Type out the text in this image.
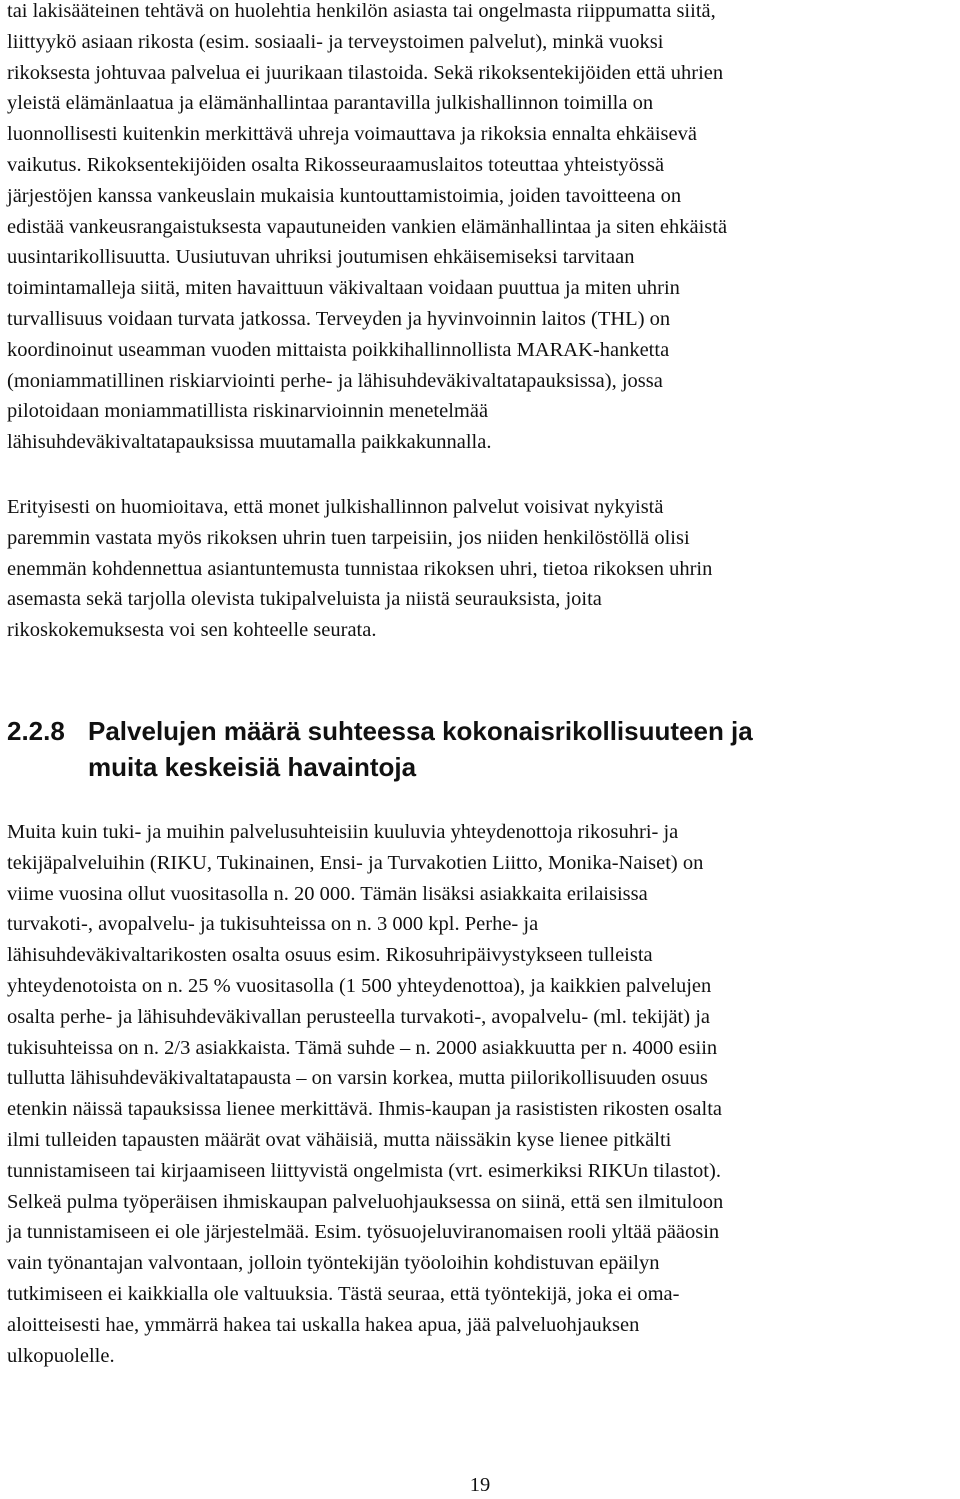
tai lakisääteinen tehtävä on huolehtia henkilön asiasta tai ongelmasta riippumatta siitä,
liittyykö asiaan rikosta (esim. sosiaali- ja terveystoimen palvelut), minkä vuoksi
rikoksesta johtuvaa palvelua ei juurikaan tilastoida. Sekä rikoksentekijöiden että uhrien
yleistä elämänlaatua ja elämänhallintaa parantavilla julkishallinnon toimilla on
luonnollisesti kuitenkin merkittävä uhreja voimauttava ja rikoksia ennalta ehkäisevä
vaikutus. Rikoksentekijöiden osalta Rikosseuraamuslaitos toteuttaa yhteistyössä
järjestöjen kanssa vankeuslain mukaisia kuntouttamistoimia, joiden tavoitteena on
edistää vankeusrangaistuksesta vapautuneiden vankien elämänhallintaa ja siten ehkäistä
uusintarikollisuutta. Uusiutuvan uhriksi joutumisen ehkäisemiseksi tarvitaan
toimintamalleja siitä, miten havaittuun väkivaltaan voidaan puuttua ja miten uhrin
turvallisuus voidaan turvata jatkossa. Terveyden ja hyvinvoinnin laitos (THL) on
koordinoinut useamman vuoden mittaista poikkihallinnollista MARAK-hanketta
(moniammatillinen riskiarviointi perhe- ja lähisuhdeväkivaltatapauksissa), jossa
pilotoidaan moniammatillista riskinarvioinnin menetelmää
lähisuhdeväkivaltatapauksissa muutamalla paikkakunnalla.

Erityisesti on huomioitava, että monet julkishallinnon palvelut voisivat nykyistä
paremmin vastata myös rikoksen uhrin tuen tarpeisiin, jos niiden henkilöstöllä olisi
enemmän kohdennettua asiantuntemusta tunnistaa rikoksen uhri, tietoa rikoksen uhrin
asemasta sekä tarjolla olevista tukipalveluista ja niistä seurauksista, joita
rikoskokemuksesta voi sen kohteelle seurata.

2.2.8 Palvelujen määrä suhteessa kokonaisrikollisuuteen ja
muita keskeisiä havaintoja

Muita kuin tuki- ja muihin palvelusuhteisiin kuuluvia yhteydenottoja rikosuhri- ja
tekijäpalveluihin (RIKU, Tukinainen, Ensi- ja Turvakotien Liitto, Monika-Naiset) on
viime vuosina ollut vuositasolla n. 20 000. Tämän lisäksi asiakkaita erilaisissa
turvakoti-, avopalvelu- ja tukisuhteissa on n. 3 000 kpl. Perhe- ja
lähisuhdeväkivaltarikosten osalta osuus esim. Rikosuhripäivystykseen tulleista
yhteydenotoista on n. 25 % vuositasolla (1 500 yhteydenottoa), ja kaikkien palvelujen
osalta perhe- ja lähisuhdeväkivallan perusteella turvakoti-, avopalvelu- (ml. tekijät) ja
tukisuhteissa on n. 2/3 asiakkaista. Tämä suhde – n. 2000 asiakkuutta per n. 4000 esiin
tullutta lähisuhdeväkivaltatapausta – on varsin korkea, mutta piilorikollisuuden osuus
etenkin näissä tapauksissa lienee merkittävä. Ihmis-kaupan ja rasististen rikosten osalta
ilmi tulleiden tapausten määrät ovat vähäisiä, mutta näissäkin kyse lienee pitkälti
tunnistamiseen tai kirjaamiseen liittyvistä ongelmista (vrt. esimerkiksi RIKUn tilastot).
Selkeä pulma työperäisen ihmiskaupan palveluohjauksessa on siinä, että sen ilmituloon
ja tunnistamiseen ei ole järjestelmää. Esim. työsuojeluviranomaisen rooli yltää pääosin
vain työnantajan valvontaan, jolloin työntekijän työoloihin kohdistuvan epäilyn
tutkimiseen ei kaikkialla ole valtuuksia. Tästä seuraa, että työntekijä, joka ei oma-
aloitteisesti hae, ymmärrä hakea tai uskalla hakea apua, jää palveluohjauksen
ulkopuolelle.

19
